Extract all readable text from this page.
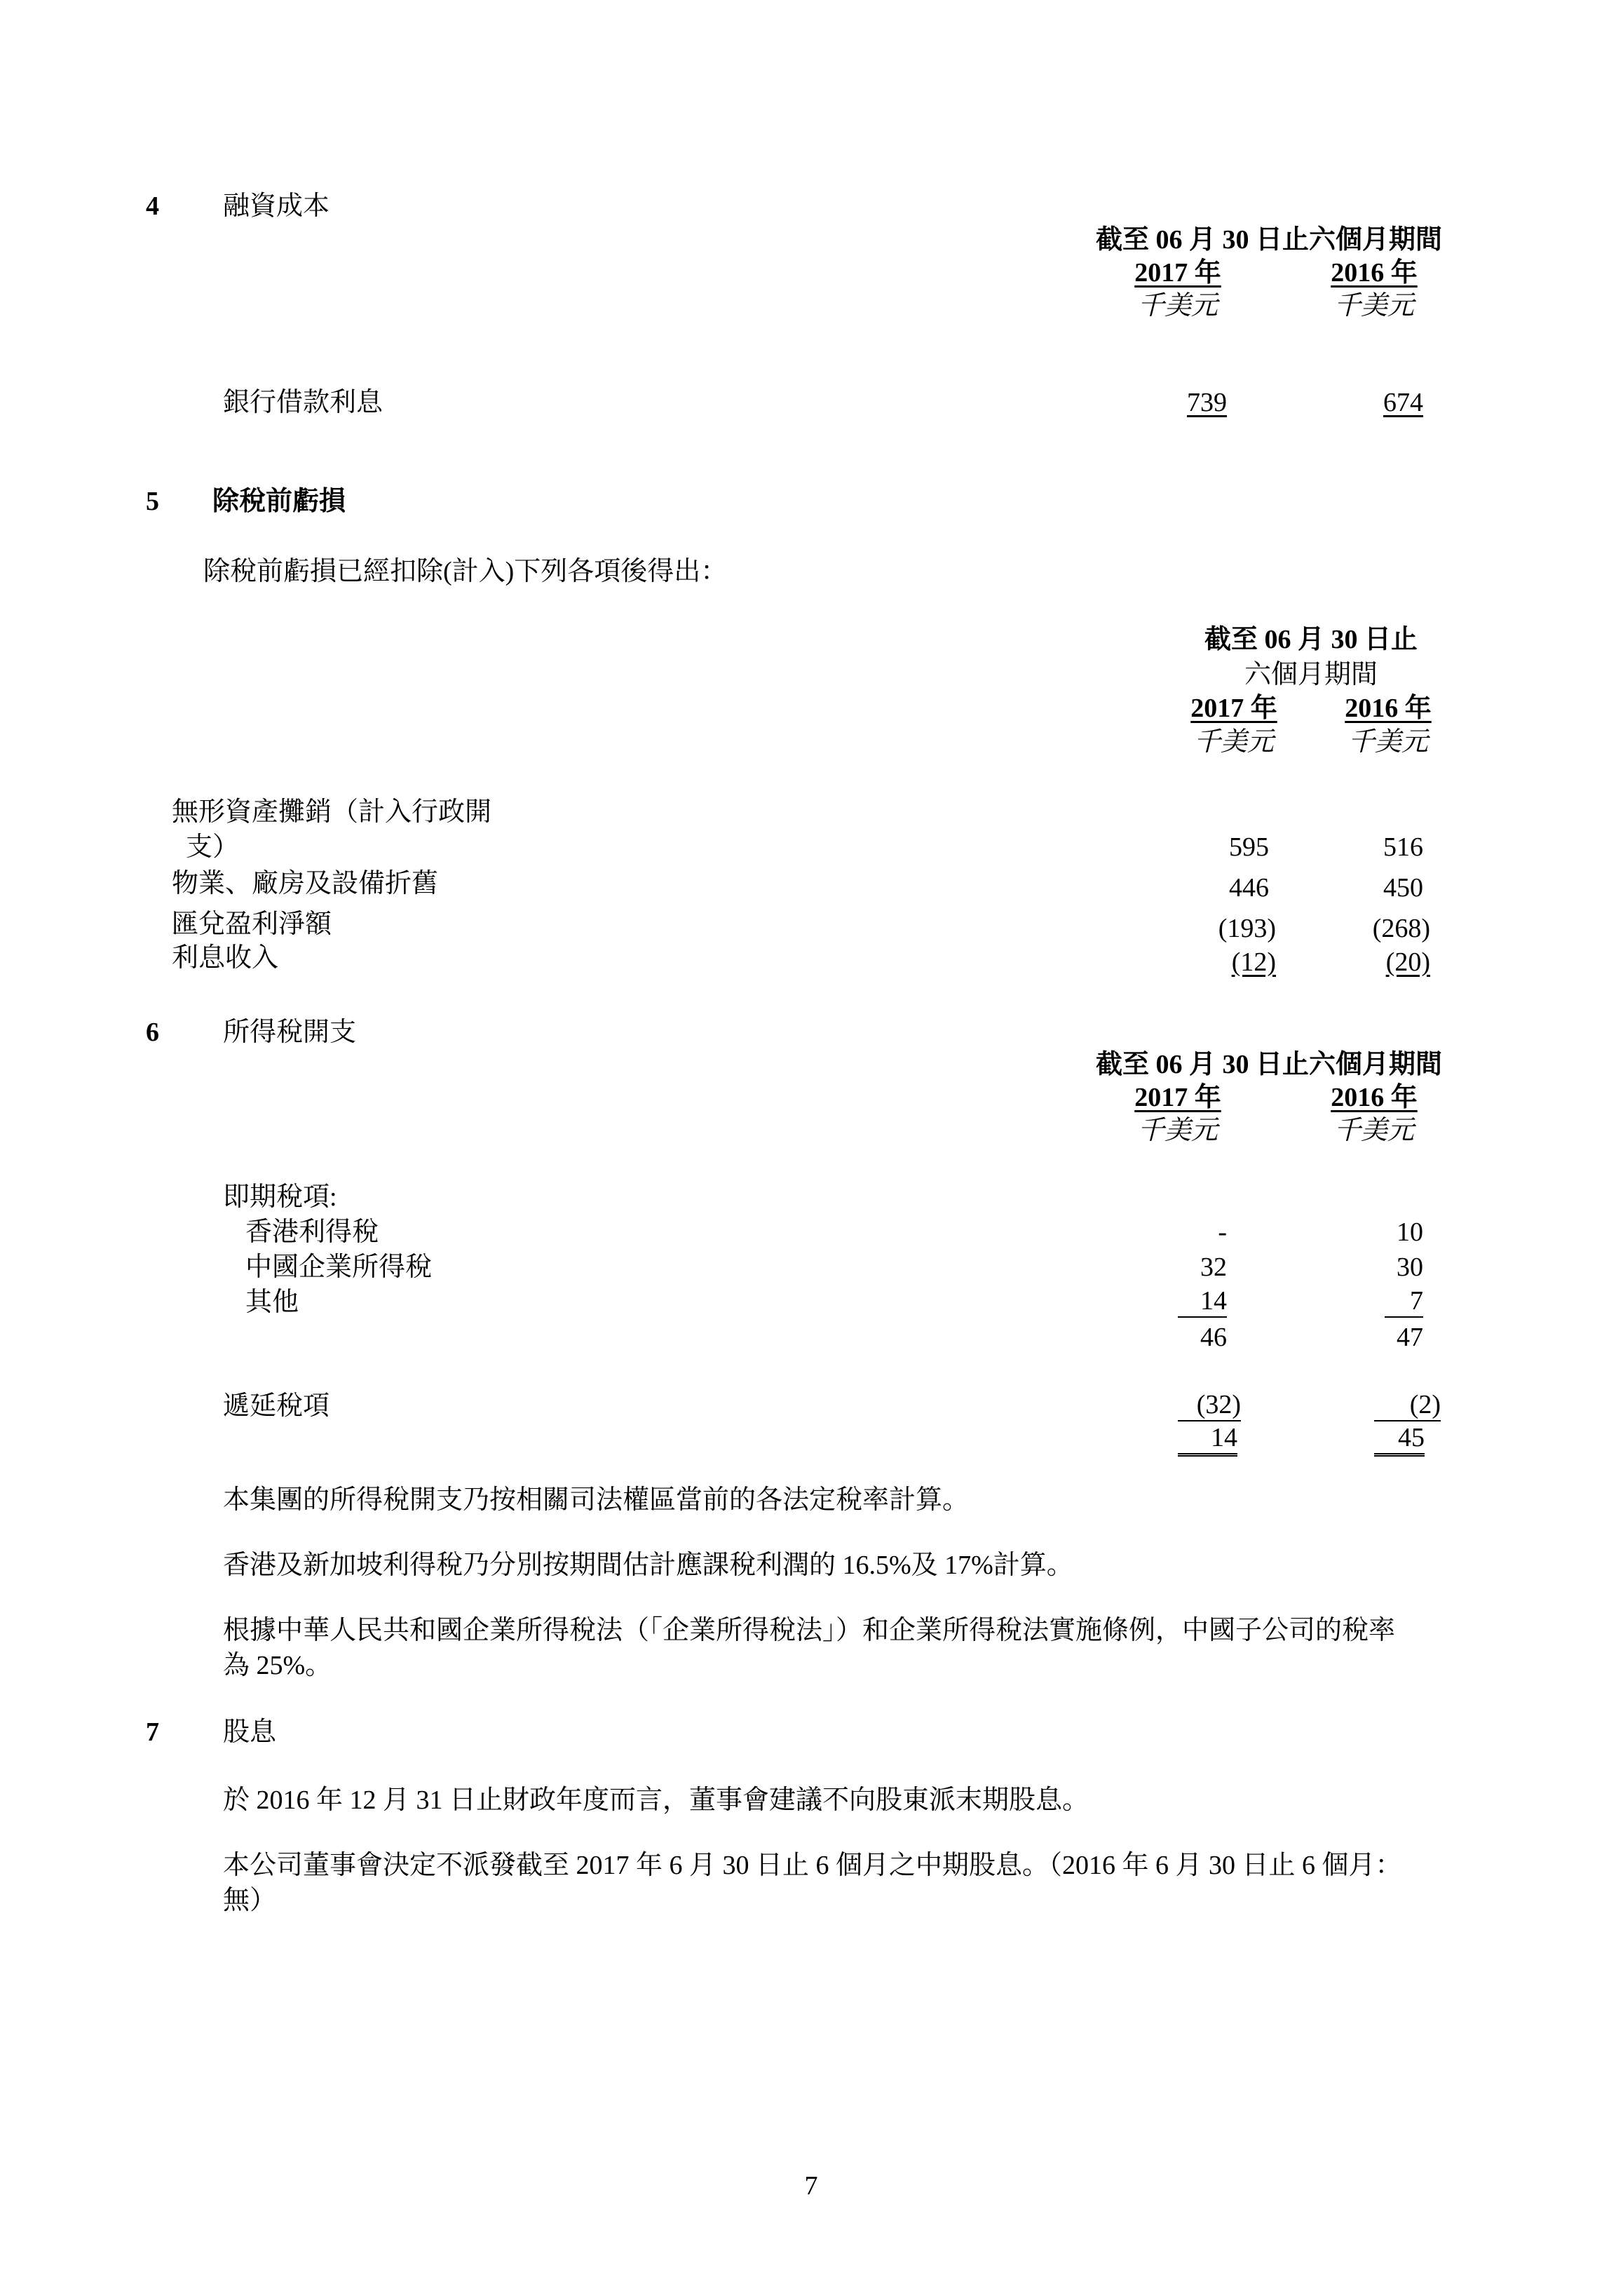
4 融資成本
截至 06 月 30 日止六個月期間
2017 年	2016 年
千美元	千美元
銀行借款利息	739	674
5 除稅前虧損
除稅前虧損已經扣除(計入)下列各項後得出：
截至 06 月 30 日止
六個月期間
2017 年	2016 年
千美元	千美元
無形資產攤銷（計入行政開
支）	595	516
物業、廠房及設備折舊	446	450
匯兌盈利淨額	(193)	(268)
利息收入	(12)	(20)
6 所得稅開支
截至 06 月 30 日止六個月期間
2017 年	2016 年
千美元	千美元
即期稅項:
香港利得稅	-	10
中國企業所得稅	32	30
其他	14	7
46	47
遞延稅項	(32)	(2)
14	45
本集團的所得稅開支乃按相關司法權區當前的各法定稅率計算。
香港及新加坡利得稅乃分別按期間估計應課稅利潤的 16.5%及 17%計算。
根據中華人民共和國企業所得稅法（「企業所得稅法」）和企業所得稅法實施條例，中國子公司的稅率
為 25%。
7 股息
於 2016 年 12 月 31 日止財政年度而言，董事會建議不向股東派末期股息。
本公司董事會決定不派發截至 2017 年 6 月 30 日止 6 個月之中期股息。（2016 年 6 月 30 日止 6 個月：
無）
7
